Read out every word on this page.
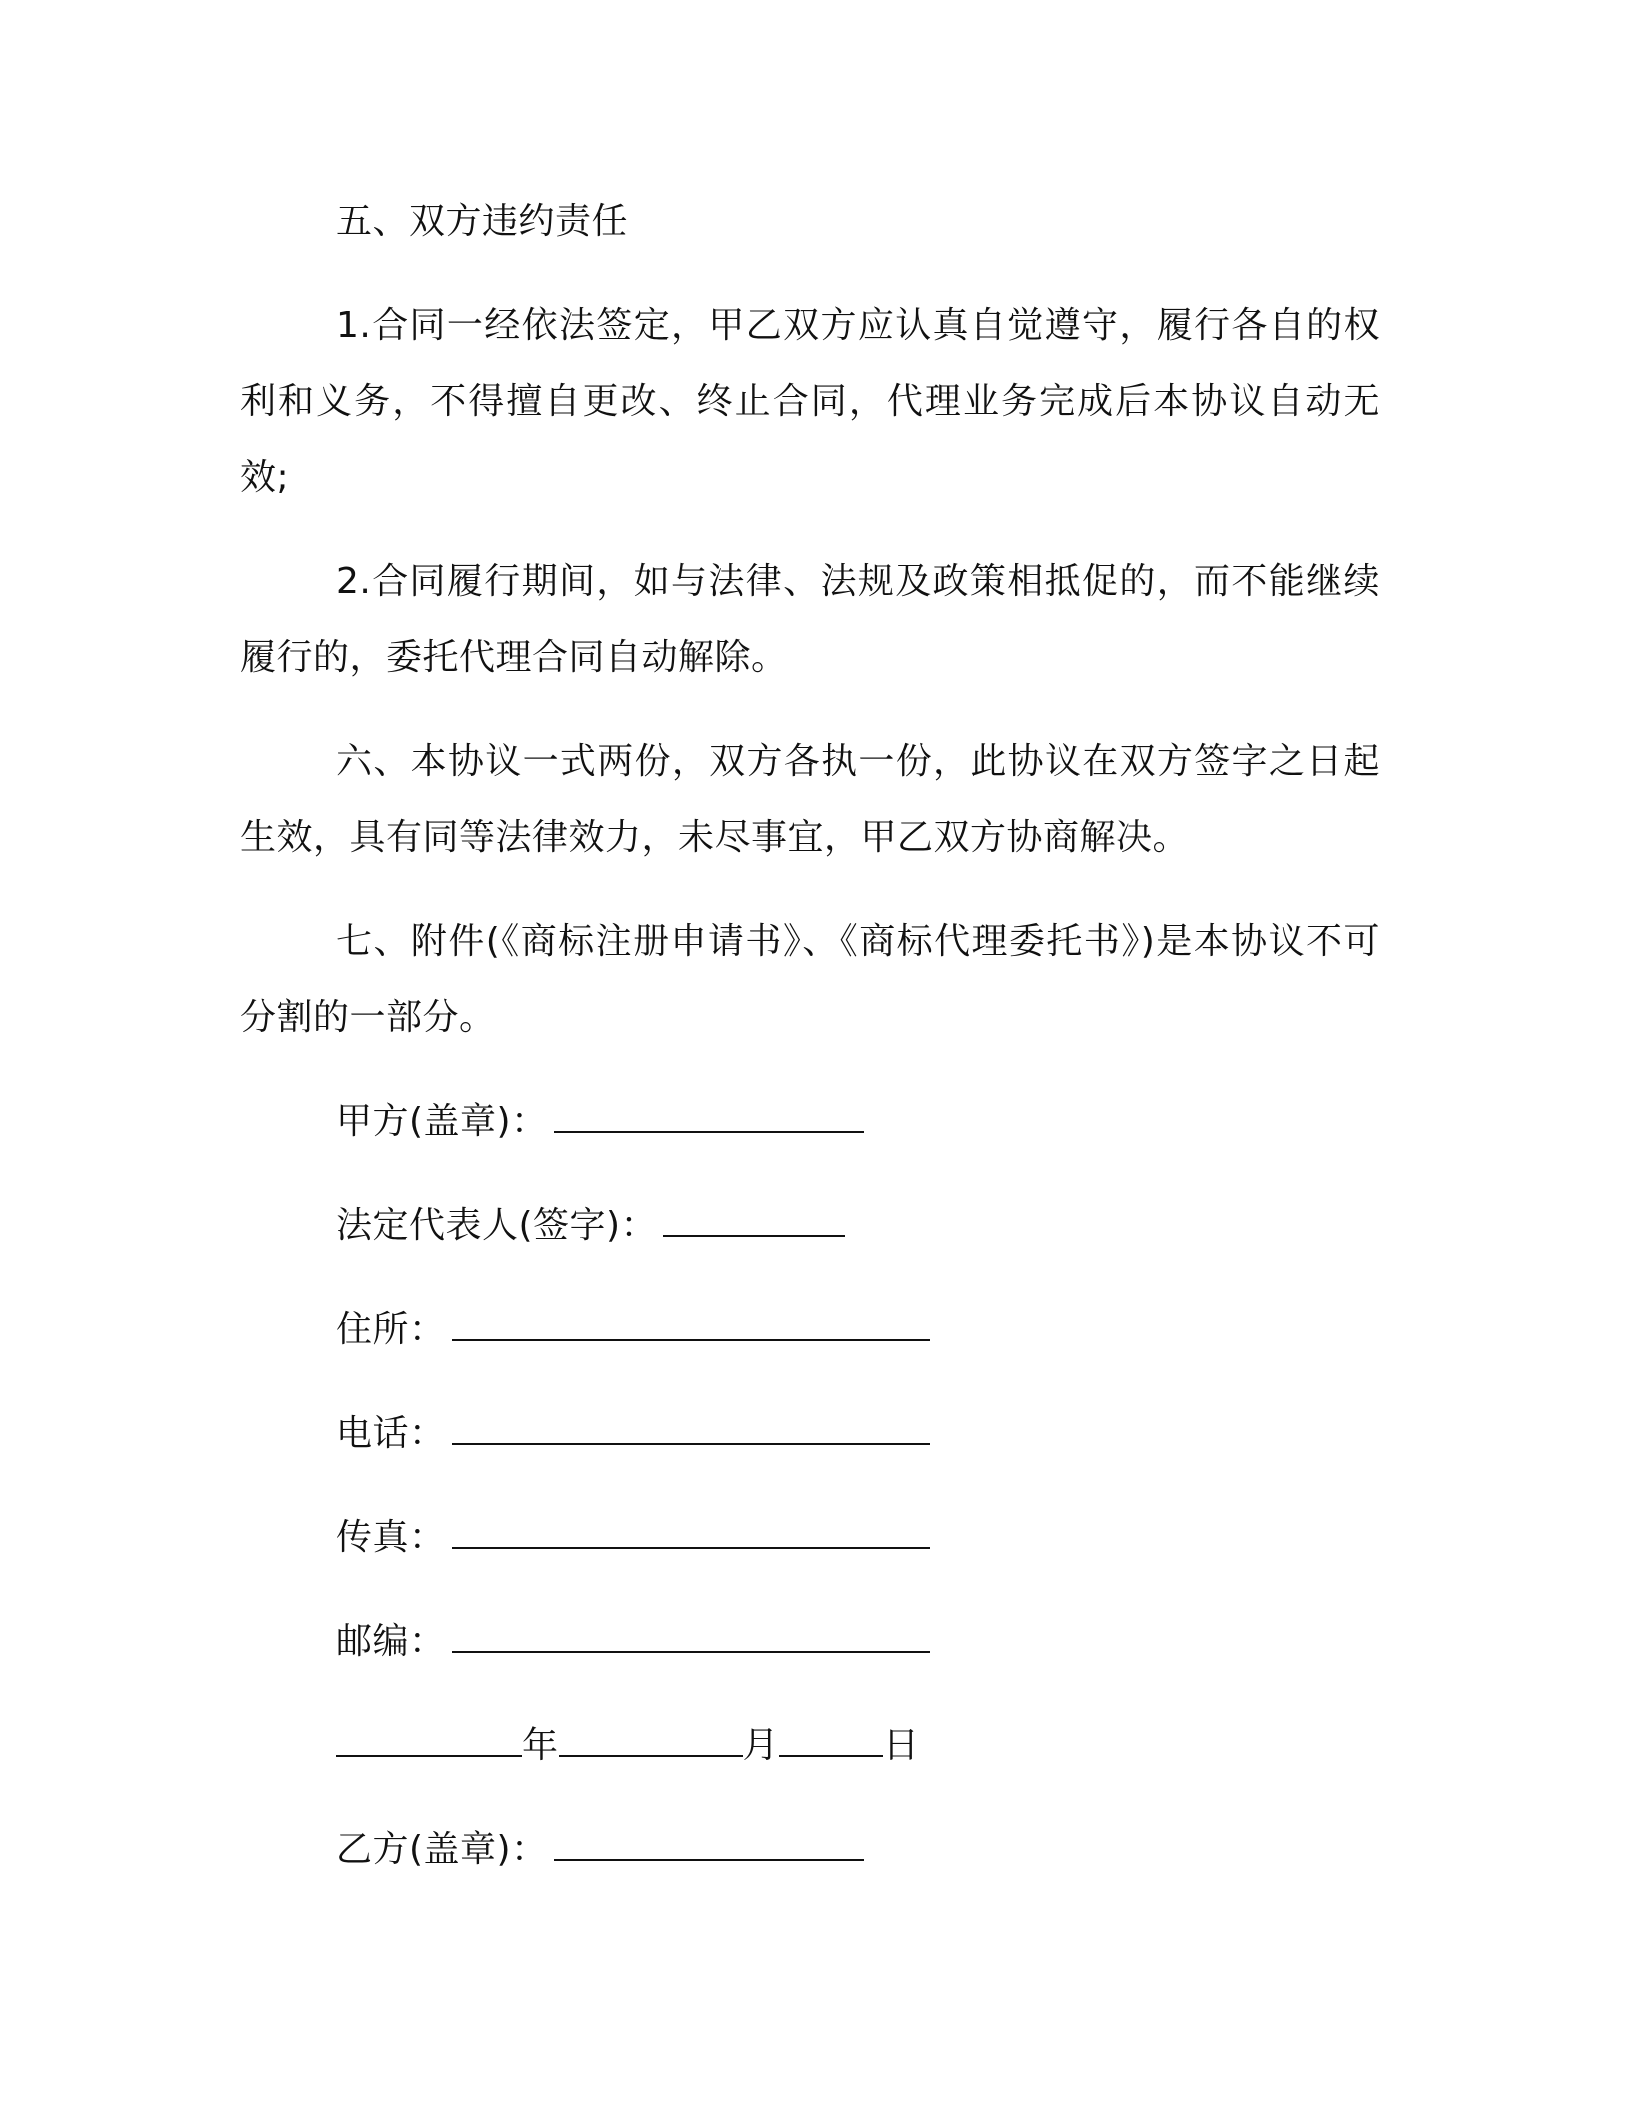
五、双方违约责任

1.合同一经依法签定，甲乙双方应认真自觉遵守，履行各自的权利和义务，不得擅自更改、终止合同，代理业务完成后本协议自动无效;

2.合同履行期间，如与法律、法规及政策相抵促的，而不能继续履行的，委托代理合同自动解除。

六、本协议一式两份，双方各执一份，此协议在双方签字之日起生效，具有同等法律效力，未尽事宜，甲乙双方协商解决。

七、附件(《商标注册申请书》、《商标代理委托书》)是本协议不可分割的一部分。

甲方(盖章)：

法定代表人(签字)：

住所：

电话：

传真：

邮编：

年	月	日

乙方(盖章)：
